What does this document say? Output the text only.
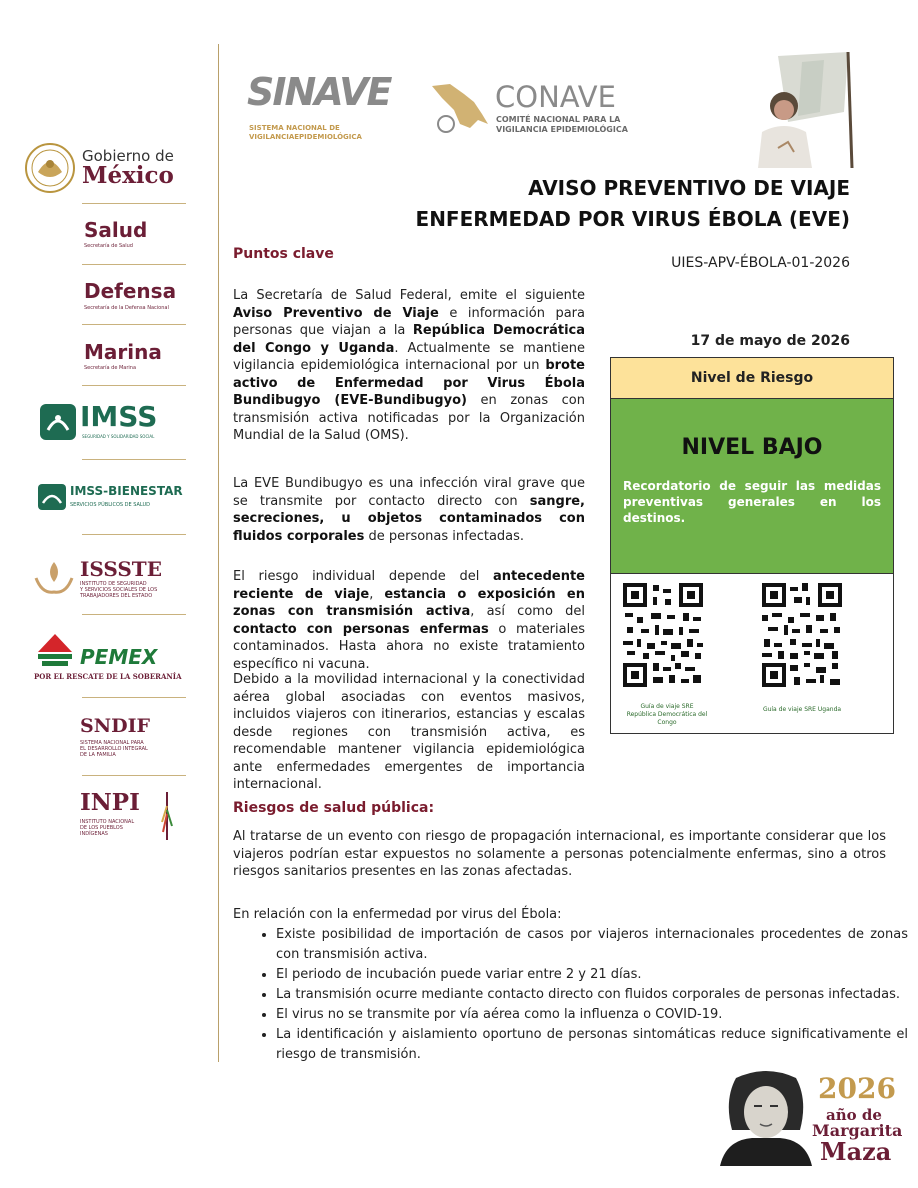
Gobierno de
México
Salud
Secretaría de Salud
Defensa
Secretaría de la Defensa Nacional
Marina
Secretaría de Marina
IMSS
SEGURIDAD Y SOLIDARIDAD SOCIAL
IMSS-BIENESTAR
SERVICIOS PÚBLICOS DE SALUD
ISSSTE
INSTITUTO DE SEGURIDAD
Y SERVICIOS SOCIALES DE LOS
TRABAJADORES DEL ESTADO
PEMEX
POR EL RESCATE DE LA SOBERANÍA
SNDIF
SISTEMA NACIONAL PARA
EL DESARROLLO INTEGRAL
DE LA FAMILIA
INPI
INSTITUTO NACIONAL
DE LOS PUEBLOS
INDÍGENAS
SINAVE
SISTEMA NACIONAL DE
VIGILANCIAEPIDEMIOLÓGICA
CONAVE
COMITÉ NACIONAL PARA LA
VIGILANCIA EPIDEMIOLÓGICA
AVISO PREVENTIVO DE VIAJE
ENFERMEDAD POR VIRUS ÉBOLA (EVE)
UIES-APV-ÉBOLA-01-2026
Puntos clave
La Secretaría de Salud Federal, emite el siguiente Aviso Preventivo de Viaje e información para personas que viajan a la República Democrática del Congo y Uganda. Actualmente se mantiene vigilancia epidemiológica internacional por un brote activo de Enfermedad por Virus Ébola Bundibugyo (EVE-Bundibugyo) en zonas con transmisión activa notificadas por la Organización Mundial de la Salud (OMS).
La EVE Bundibugyo es una infección viral grave que se transmite por contacto directo con sangre, secreciones, u objetos contaminados con fluidos corporales de personas infectadas.
El riesgo individual depende del antecedente reciente de viaje, estancia o exposición en zonas con transmisión activa, así como del contacto con personas enfermas o materiales contaminados. Hasta ahora no existe tratamiento específico ni vacuna.
Debido a la movilidad internacional y la conectividad aérea global asociadas con eventos masivos, incluidos viajeros con itinerarios, estancias y escalas desde regiones con transmisión activa, es recomendable mantener vigilancia epidemiológica ante enfermedades emergentes de importancia internacional.
17 de mayo de 2026
Nivel de Riesgo
NIVEL BAJO
Recordatorio de seguir las medidas preventivas generales en los destinos.
Guía de viaje SRE República Democrática del Congo
Guía de viaje SRE Uganda
Riesgos de salud pública:
Al tratarse de un evento con riesgo de propagación internacional, es importante considerar que los viajeros podrían estar expuestos no solamente a personas potencialmente enfermas, sino a otros riesgos sanitarios presentes en las zonas afectadas.
En relación con la enfermedad por virus del Ébola:
• Existe posibilidad de importación de casos por viajeros internacionales procedentes de zonas con transmisión activa.
• El periodo de incubación puede variar entre 2 y 21 días.
• La transmisión ocurre mediante contacto directo con fluidos corporales de personas infectadas.
• El virus no se transmite por vía aérea como la influenza o COVID-19.
• La identificación y aislamiento oportuno de personas sintomáticas reduce significativamente el riesgo de transmisión.
2026
año de
Margarita
Maza
